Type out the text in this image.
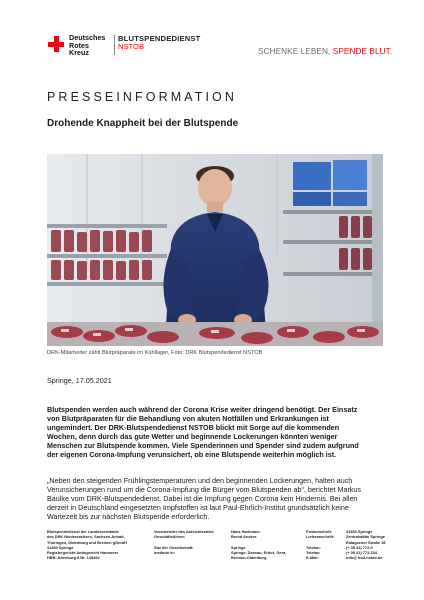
Deutsches
Rotes
Kreuz
BLUTSPENDEDIENST
NSTOB
SCHENKE LEBEN, SPENDE BLUT.
PRESSEINFORMATION
Drohende Knappheit bei der Blutspende
DRK-Mitarbeiter zählt Blutpräparate im Kühllager, Foto: DRK Blutspendedienst NSTOB
Springe, 17.05.2021
Blutspenden werden auch während der Corona Krise weiter dringend benötigt. Der Einsatz
von Blutpräparaten für die Behandlung von akuten Notfällen und Erkrankungen ist
ungemindert. Der DRK-Blutspendedienst NSTOB blickt mit Sorge auf die kommenden
Wochen, denn durch das gute Wetter und beginnende Lockerungen könnten weniger
Menschen zur Blutspende kommen. Viele Spenderinnen und Spender sind zudem aufgrund
der eigenen Corona-Impfung verunsichert, ob eine Blutspende weiterhin möglich ist.
„Neben den steigenden Frühlingstemperaturen und den beginnenden Lockerungen, halten auch
Verunsicherungen rund um die Corona-Impfung die Bürger vom Blutspenden ab“, berichtet Markus
Baulke vom DRK-Blutspendedienst. Dabei ist die Impfung gegen Corona kein Hindernis. Bei allen
derzeit in Deutschland eingesetzten Impfstoffen ist laut Paul-Ehrlich-Institut grundsätzlich keine
Wartezeit bis zur nächsten Blutspende erforderlich.
Blutspendedienst der Landesverbände
des DRK Niedersachsen, Sachsen-Anhalt,
Thüringen, Oldenburg und Bremen gGmbH
31830 Springe
Registergericht Amtsgericht Hannover
HRB: Altenburg 8 Nr. 145492
Vorsitzender des Aufsichtsrates:
Geschäftsführer:

Sitz der Gesellschaft:
Institute in:
Hans Hartmann
Bernd Anders

Springe
Springe, Dessau, Erfurt, Gera,
Bremen-Oldenburg
Postanschrift:
Lieferanschrift:

Telefon:
Telefax:
E-Mail:
31830 Springe
Zentralstätte Springe
Eldagsener Straße 38
(+ 05 41) 772-0
(+ 05 41) 772-334
info@ bsd-nstob.de
